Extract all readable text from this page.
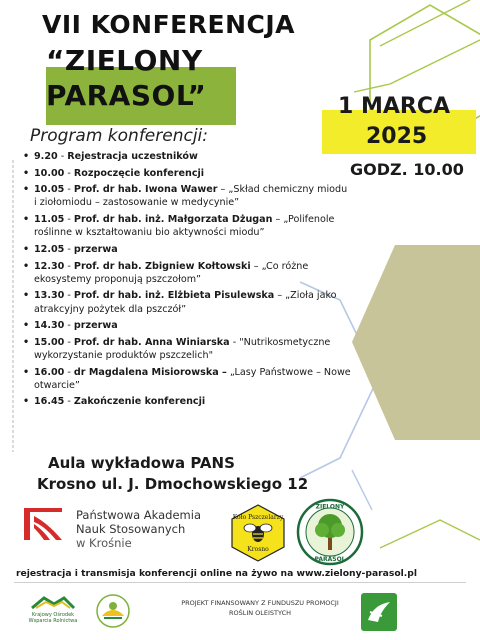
VII KONFERENCJA
“ZIELONY
PARASOL”	1 MARCA
2025
GODZ. 10.00
Program konferencji:
• 9.20 - Rejestracja uczestników
• 10.00 - Rozpoczęcie konferencji
• 10.05 - Prof. dr hab. Iwona Wawer – „Skład chemiczny miodu i ziołomiodu – zastosowanie w medycynie”
• 11.05 - Prof. dr hab. inż. Małgorzata Dżugan – „Polifenole roślinne w kształtowaniu bio aktywności miodu”
• 12.05 - przerwa
• 12.30 - Prof. dr hab. Zbigniew Kołtowski – „Co różne ekosystemy proponują pszczołom”
• 13.30 - Prof. dr hab. inż. Elżbieta Pisulewska – „Zioła jako atrakcyjny pożytek dla pszczół”
• 14.30 - przerwa
• 15.00 - Prof. dr hab. Anna Winiarska - "Nutrikosmetyczne wykorzystanie produktów pszczelich"
• 16.00 - dr Magdalena Misiorowska – „Lasy Państwowe – Nowe otwarcie”
• 16.45 - Zakończenie konferencji
Aula wykładowa PANS
Krosno ul. J. Dmochowskiego 12
Państwowa Akademia
Nauk Stosowanych
w Krośnie
Koło Pszczelarzy
Krosno
ZIELONY
PARASOL
rejestracja i transmisja konferencji online na żywo na www.zielony-parasol.pl
Krajowy Ośrodek
Wsparcia Rolnictwa
PROJEKT FINANSOWANY Z FUNDUSZU PROMOCJI
ROŚLIN OLEISTYCH
